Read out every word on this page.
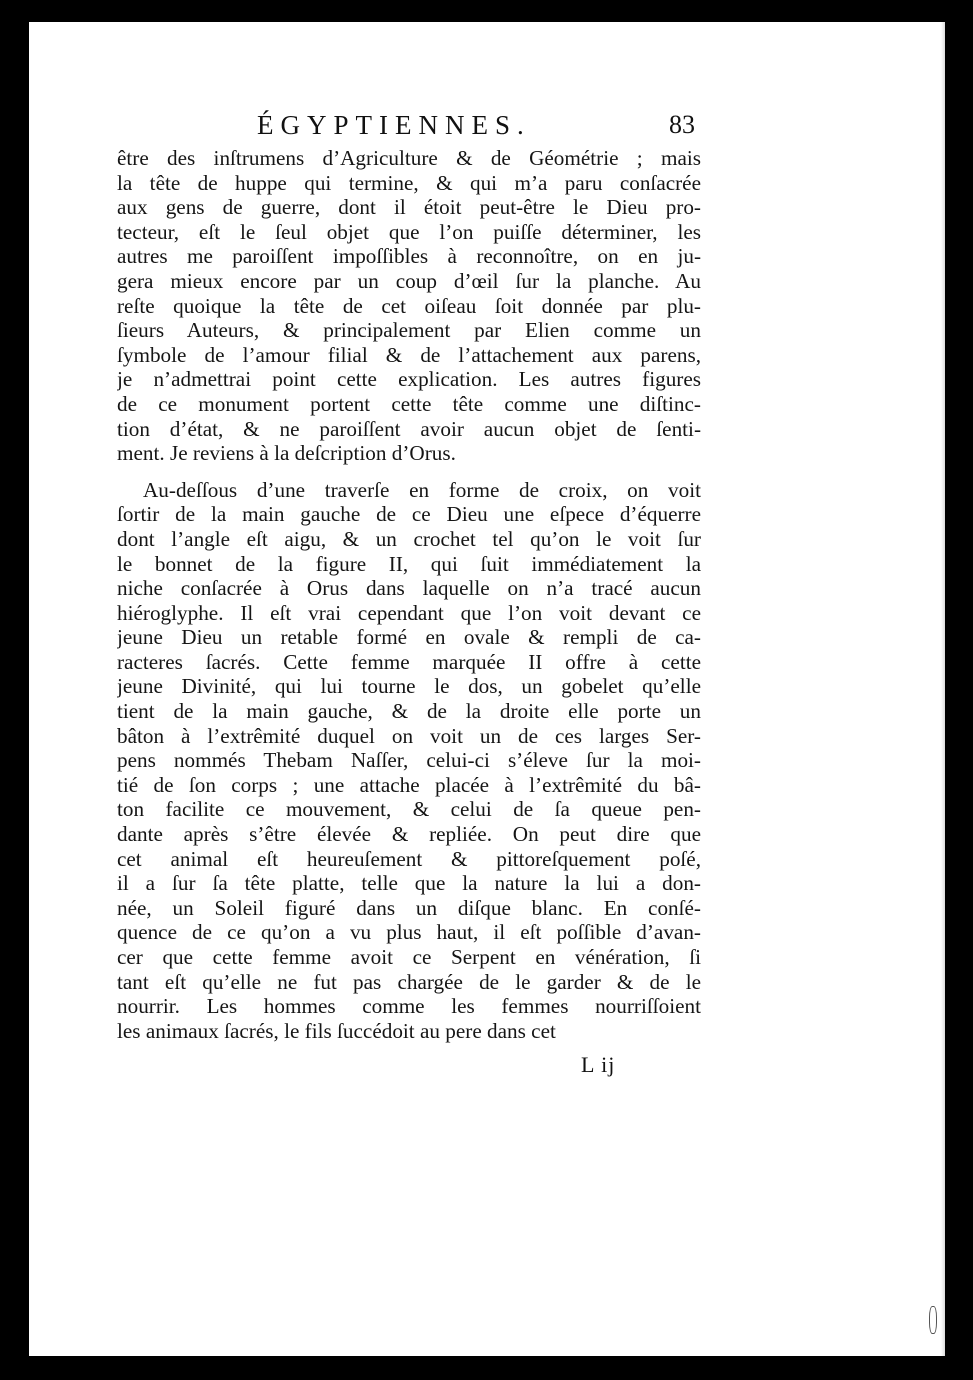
ÉGYPTIENNES.	83
être des inſtrumens d’Agriculture & de Géométrie ; mais
la tête de huppe qui termine, & qui m’a paru conſacrée
aux gens de guerre, dont il étoit peut-être le Dieu pro-
tecteur, eſt le ſeul objet que l’on puiſſe déterminer, les
autres me paroiſſent impoſſibles à reconnoître, on en ju-
gera mieux encore par un coup d’œil ſur la planche. Au
reſte quoique la tête de cet oiſeau ſoit donnée par plu-
ſieurs Auteurs, & principalement par Elien comme un
ſymbole de l’amour filial & de l’attachement aux parens,
je n’admettrai point cette explication. Les autres figures
de ce monument portent cette tête comme une diſtinc-
tion d’état, & ne paroiſſent avoir aucun objet de ſenti-
ment. Je reviens à la deſcription d’Orus.
Au-deſſous d’une traverſe en forme de croix, on voit
ſortir de la main gauche de ce Dieu une eſpece d’équerre
dont l’angle eſt aigu, & un crochet tel qu’on le voit ſur
le bonnet de la figure II, qui ſuit immédiatement la
niche conſacrée à Orus dans laquelle on n’a tracé aucun
hiéroglyphe. Il eſt vrai cependant que l’on voit devant ce
jeune Dieu un retable formé en ovale & rempli de ca-
racteres ſacrés. Cette femme marquée II offre à cette
jeune Divinité, qui lui tourne le dos, un gobelet qu’elle
tient de la main gauche, & de la droite elle porte un
bâton à l’extrêmité duquel on voit un de ces larges Ser-
pens nommés Thebam Naſſer, celui-ci s’éleve ſur la moi-
tié de ſon corps ; une attache placée à l’extrêmité du bâ-
ton facilite ce mouvement, & celui de ſa queue pen-
dante après s’être élevée & repliée. On peut dire que
cet animal eſt heureuſement & pittoreſquement poſé,
il a ſur ſa tête platte, telle que la nature la lui a don-
née, un Soleil figuré dans un diſque blanc. En conſé-
quence de ce qu’on a vu plus haut, il eſt poſſible d’avan-
cer que cette femme avoit ce Serpent en vénération, ſi
tant eſt qu’elle ne fut pas chargée de le garder & de le
nourrir. Les hommes comme les femmes nourriſſoient
les animaux ſacrés, le fils ſuccédoit au pere dans cet
L ij
